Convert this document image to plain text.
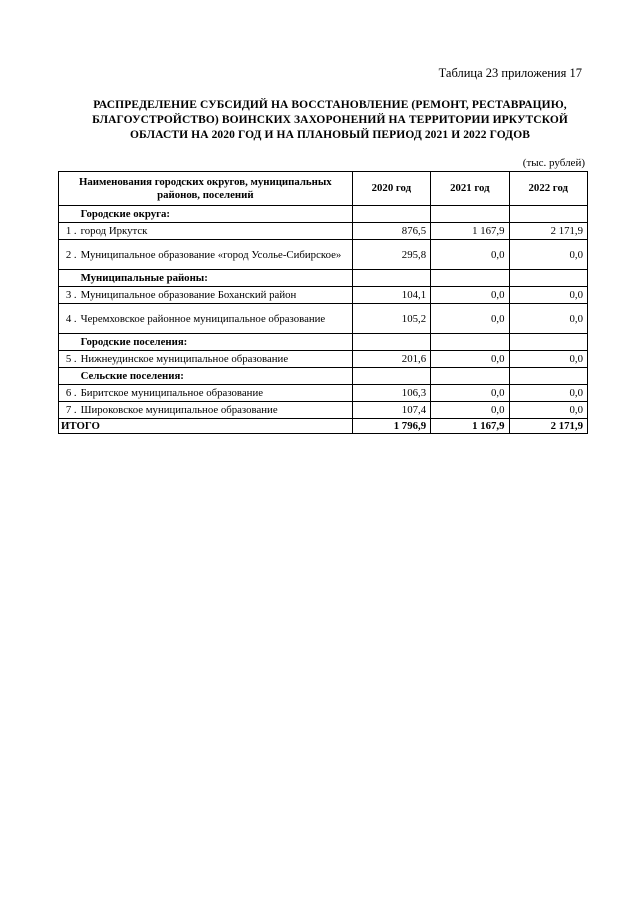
Таблица 23 приложения 17
РАСПРЕДЕЛЕНИЕ СУБСИДИЙ НА ВОССТАНОВЛЕНИЕ (РЕМОНТ, РЕСТАВРАЦИЮ,
БЛАГОУСТРОЙСТВО) ВОИНСКИХ ЗАХОРОНЕНИЙ НА ТЕРРИТОРИИ ИРКУТСКОЙ
ОБЛАСТИ НА 2020 ГОД И НА ПЛАНОВЫЙ ПЕРИОД 2021 И 2022 ГОДОВ
(тыс. рублей)
Наименования городских округов, муниципальных районов, поселений		2020 год	2021 год	2022 год
	Городские округа:			
1 .	город Иркутск	876,5	1 167,9	2 171,9
2 .	Муниципальное образование «город Усолье-Сибирское»	295,8	0,0	0,0
	Муниципальные районы:			
3 .	Муниципальное образование Боханский район	104,1	0,0	0,0
4 .	Черемховское районное муниципальное образование	105,2	0,0	0,0
	Городские поселения:			
5 .	Нижнеудинское муниципальное образование	201,6	0,0	0,0
	Сельские поселения:			
6 .	Биритское муниципальное образование	106,3	0,0	0,0
7 .	Широковское муниципальное образование	107,4	0,0	0,0
ИТОГО		1 796,9	1 167,9	2 171,9
